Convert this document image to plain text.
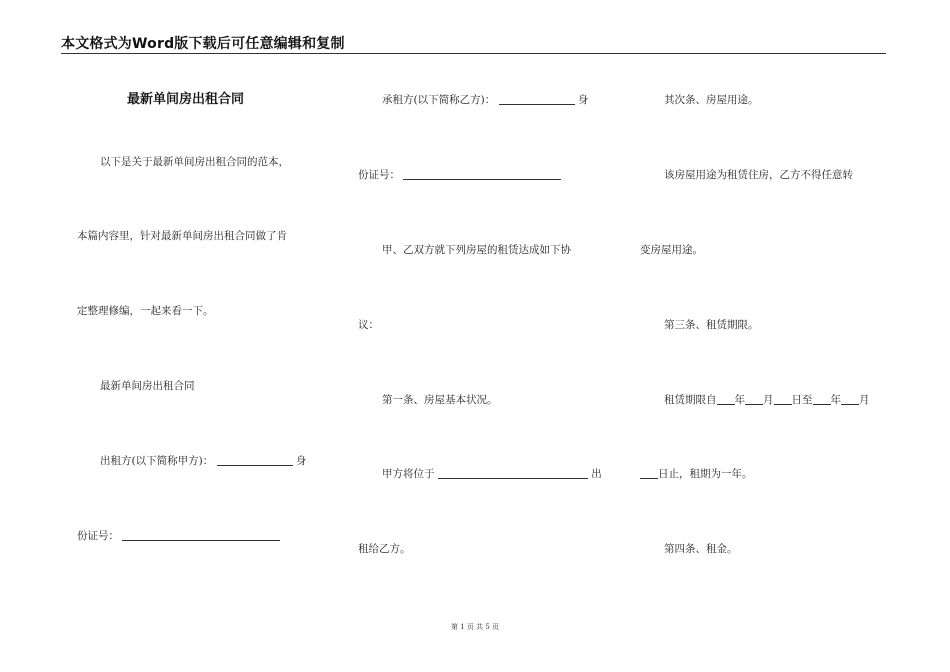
本文格式为Word版下载后可任意编辑和复制
最新单间房出租合同
以下是关于最新单间房出租合同的范本，
本篇内容里，针对最新单间房出租合同做了肯
定整理修编，一起来看一下。
最新单间房出租合同
出租方(以下简称甲方)：	身
份证号：
承租方(以下简称乙方)：	身
份证号：
甲、乙双方就下列房屋的租赁达成如下协
议：
第一条、房屋基本状况。
甲方将位于	出
租给乙方。
其次条、房屋用途。
该房屋用途为租赁住房，乙方不得任意转
变房屋用途。
第三条、租赁期限。
租赁期限自 年 月 日至 年 月
日止，租期为一年。
第四条、租金。
第 1 页 共 5 页
